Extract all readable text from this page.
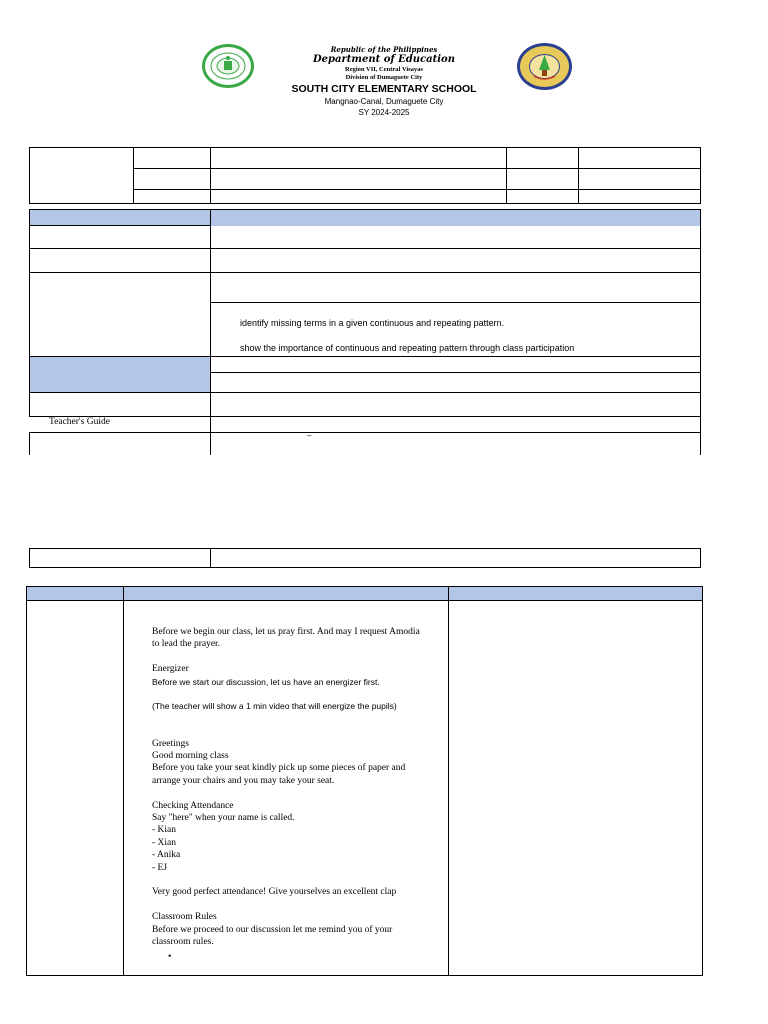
Republic of the Philippines
Department of Education
Region VII, Central Visayas
Division of Dumaguete City
SOUTH CITY ELEMENTARY SCHOOL
Mangnao-Canal, Dumaguete City
SY 2024-2025

identify missing terms in a given continuous and repeating pattern.
show the importance of continuous and repeating pattern through class participation
Teacher's Guide
–

Before we begin our class, let us pray first. And may I request Amodia
to lead the prayer.
Energizer
Before we start our discussion, let us have an energizer first.
(The teacher will show a 1 min video that will energize the pupils)
Greetings
Good morning class
Before you take your seat kindly pick up some pieces of paper and
arrange your chairs and you may take your seat.
Checking Attendance
Say "here" when your name is called.
- Kian
- Xian
- Anika
- EJ
Very good perfect attendance! Give yourselves an excellent clap
Classroom Rules
Before we proceed to our discussion let me remind you of your
classroom rules.
•
